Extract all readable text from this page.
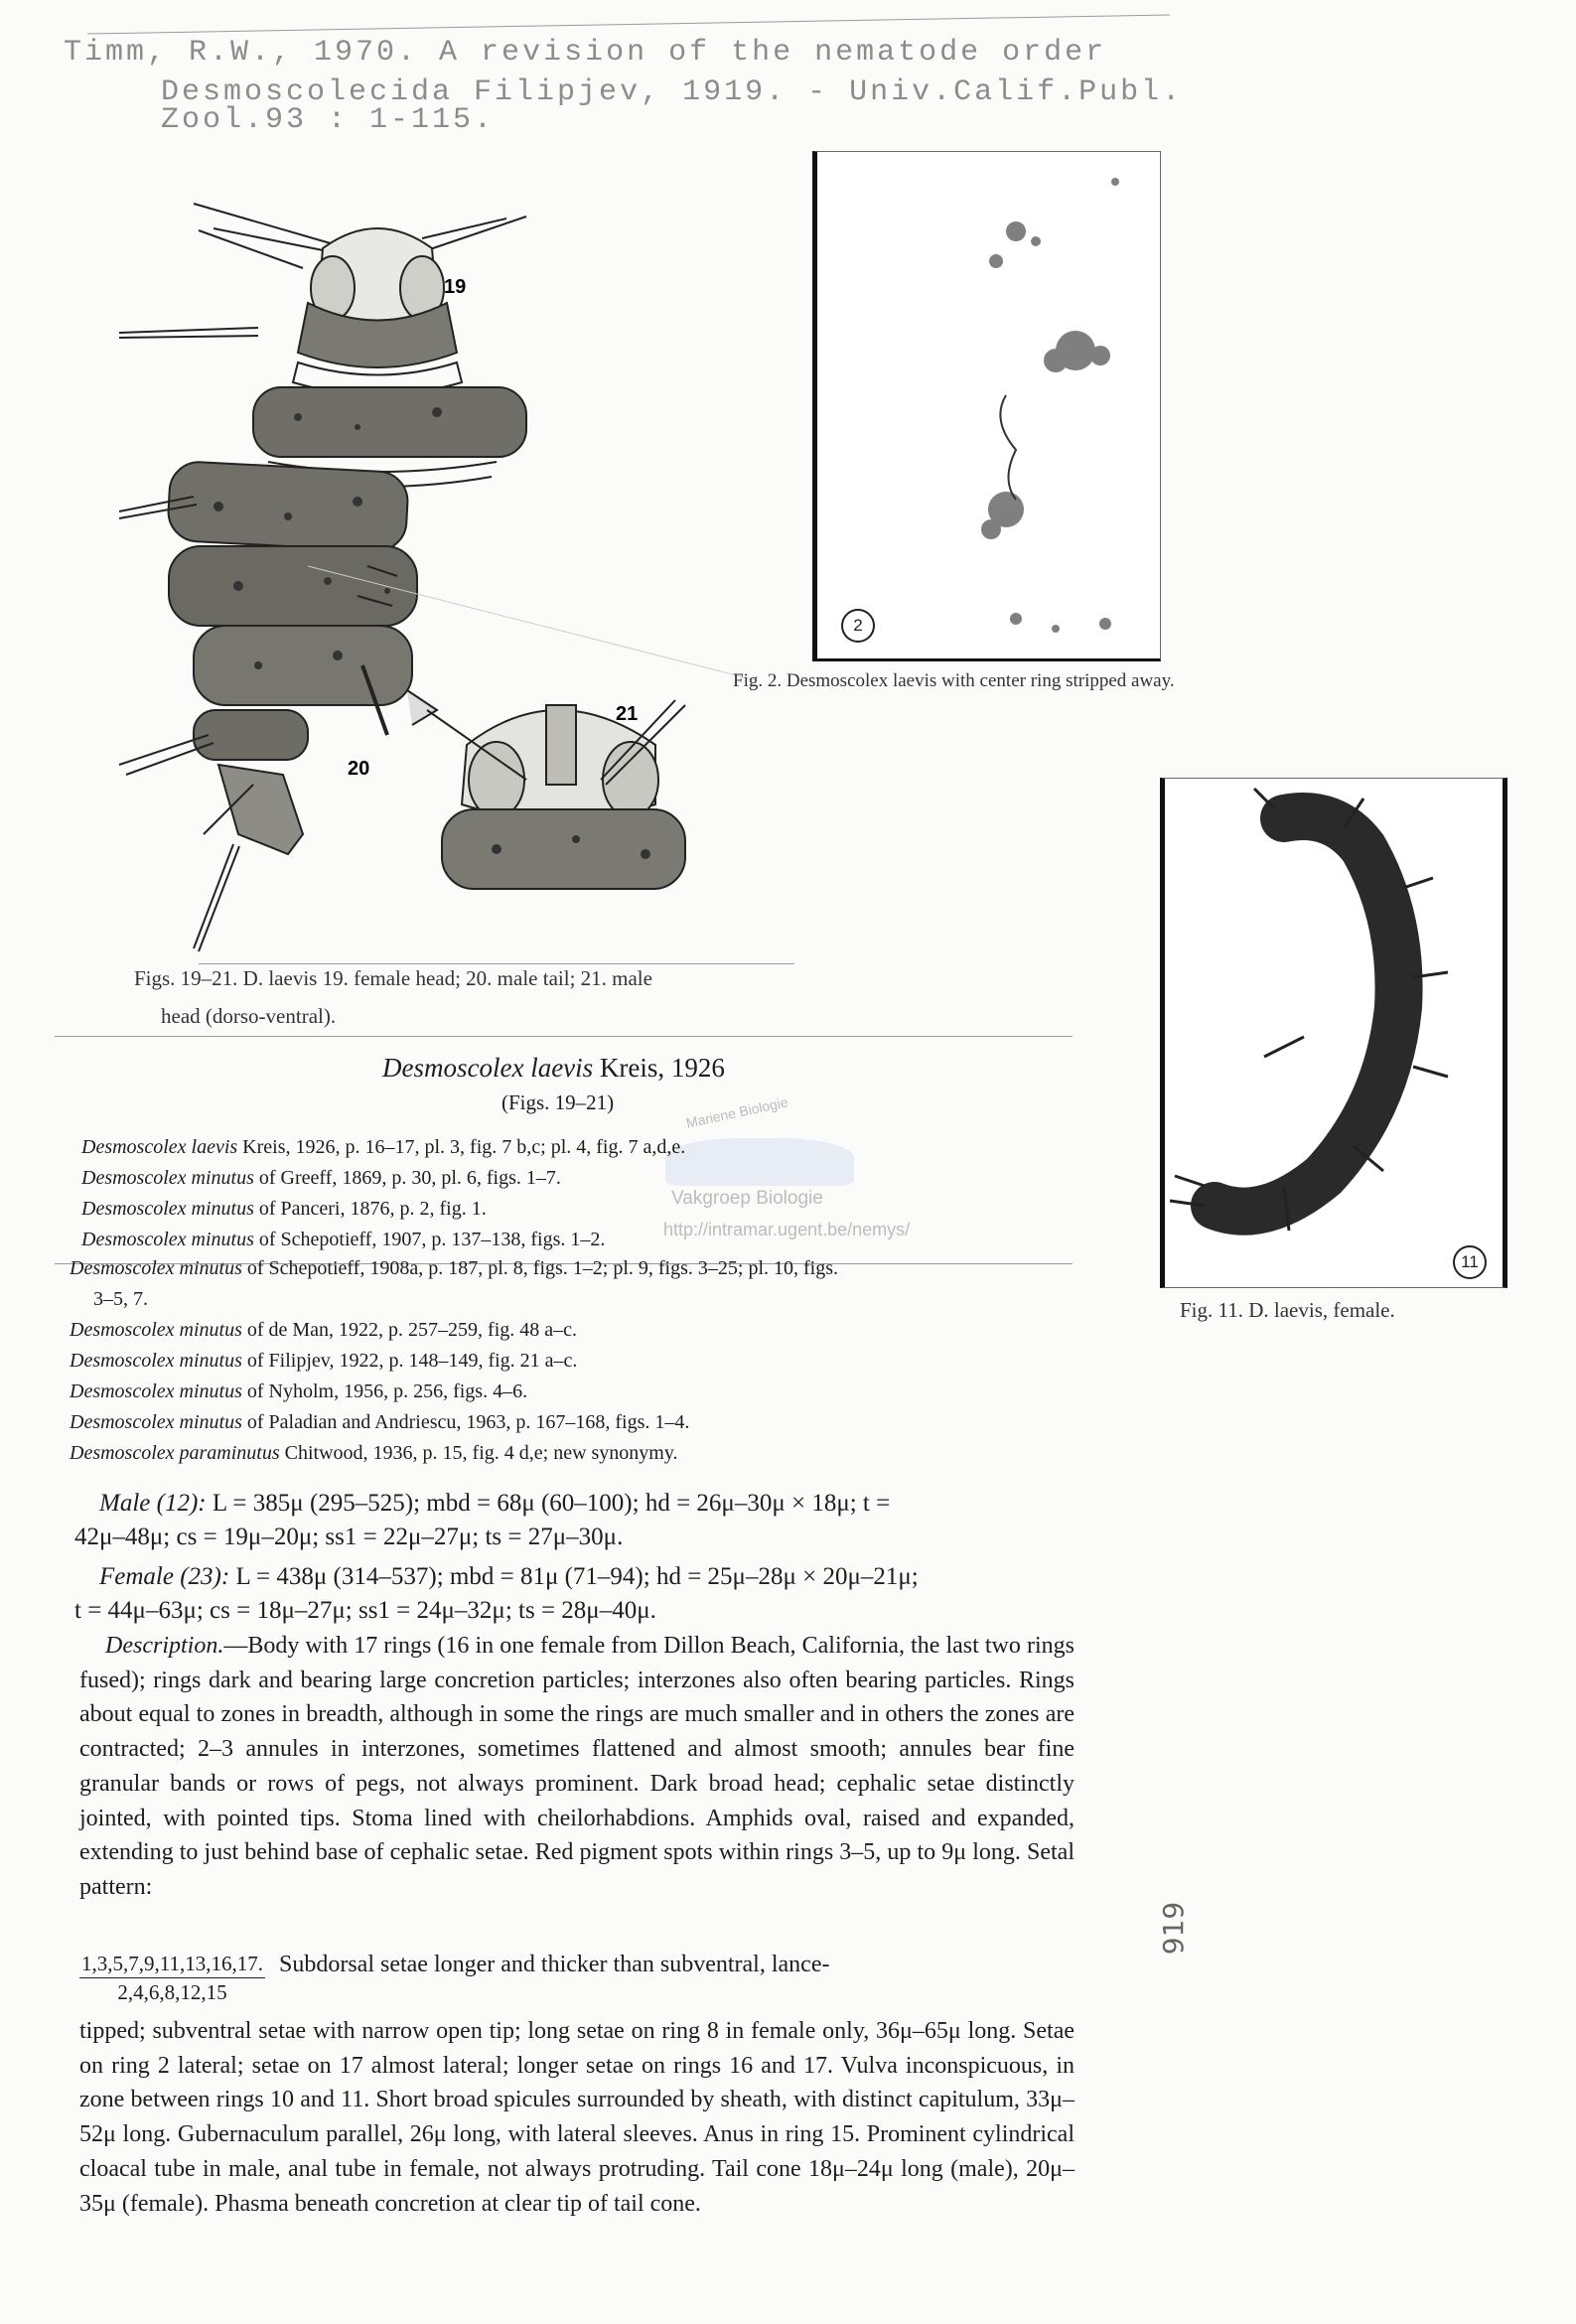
Timm, R.W., 1970. A revision of the nematode order
Desmoscolecida Filipjev, 1919. - Univ.Calif.Publ.
Zool.93 : 1-115.
19
20
21
Figs. 19–21. D. laevis 19. female head; 20. male tail; 21. male
head (dorso-ventral).
2
Fig. 2. Desmoscolex laevis with center ring stripped away.
11
Fig. 11. D. laevis, female.
Mariene Biologie
Vakgroep Biologie
http://intramar.ugent.be/nemys/
Desmoscolex laevis Kreis, 1926
(Figs. 19–21)
Desmoscolex laevis Kreis, 1926, p. 16–17, pl. 3, fig. 7 b,c; pl. 4, fig. 7 a,d,e.
Desmoscolex minutus of Greeff, 1869, p. 30, pl. 6, figs. 1–7.
Desmoscolex minutus of Panceri, 1876, p. 2, fig. 1.
Desmoscolex minutus of Schepotieff, 1907, p. 137–138, figs. 1–2.
Desmoscolex minutus of Schepotieff, 1908a, p. 187, pl. 8, figs. 1–2; pl. 9, figs. 3–25; pl. 10, figs.
3–5, 7.
Desmoscolex minutus of de Man, 1922, p. 257–259, fig. 48 a–c.
Desmoscolex minutus of Filipjev, 1922, p. 148–149, fig. 21 a–c.
Desmoscolex minutus of Nyholm, 1956, p. 256, figs. 4–6.
Desmoscolex minutus of Paladian and Andriescu, 1963, p. 167–168, figs. 1–4.
Desmoscolex paraminutus Chitwood, 1936, p. 15, fig. 4 d,e; new synonymy.
Male (12): L = 385μ (295–525); mbd = 68μ (60–100); hd = 26μ–30μ × 18μ; t =
42μ–48μ; cs = 19μ–20μ; ss1 = 22μ–27μ; ts = 27μ–30μ.
Female (23): L = 438μ (314–537); mbd = 81μ (71–94); hd = 25μ–28μ × 20μ–21μ;
t = 44μ–63μ; cs = 18μ–27μ; ss1 = 24μ–32μ; ts = 28μ–40μ.
Description.—Body with 17 rings (16 in one female from Dillon Beach, California, the last two rings fused); rings dark and bearing large concretion particles; interzones also often bearing particles. Rings about equal to zones in breadth, although in some the rings are much smaller and in others the zones are contracted; 2–3 annules in interzones, sometimes flattened and almost smooth; annules bear fine granular bands or rows of pegs, not always prominent. Dark broad head; cephalic setae distinctly jointed, with pointed tips. Stoma lined with cheilorhabdions. Amphids oval, raised and expanded, extending to just behind base of cephalic setae. Red pigment spots within rings 3–5, up to 9μ long. Setal pattern:
$\frac{1,3,5,7,9,11,13,16,17.}{2,4,6,8,12,15}$ Subdorsal setae longer and thicker than subventral, lance-
tipped; subventral setae with narrow open tip; long setae on ring 8 in female only, 36μ–65μ long. Setae on ring 2 lateral; setae on 17 almost lateral; longer setae on rings 16 and 17. Vulva inconspicuous, in zone between rings 10 and 11. Short broad spicules surrounded by sheath, with distinct capitulum, 33μ–52μ long. Gubernaculum parallel, 26μ long, with lateral sleeves. Anus in ring 15. Prominent cylindrical cloacal tube in male, anal tube in female, not always protruding. Tail cone 18μ–24μ long (male), 20μ–35μ (female). Phasma beneath concretion at clear tip of tail cone.
919
